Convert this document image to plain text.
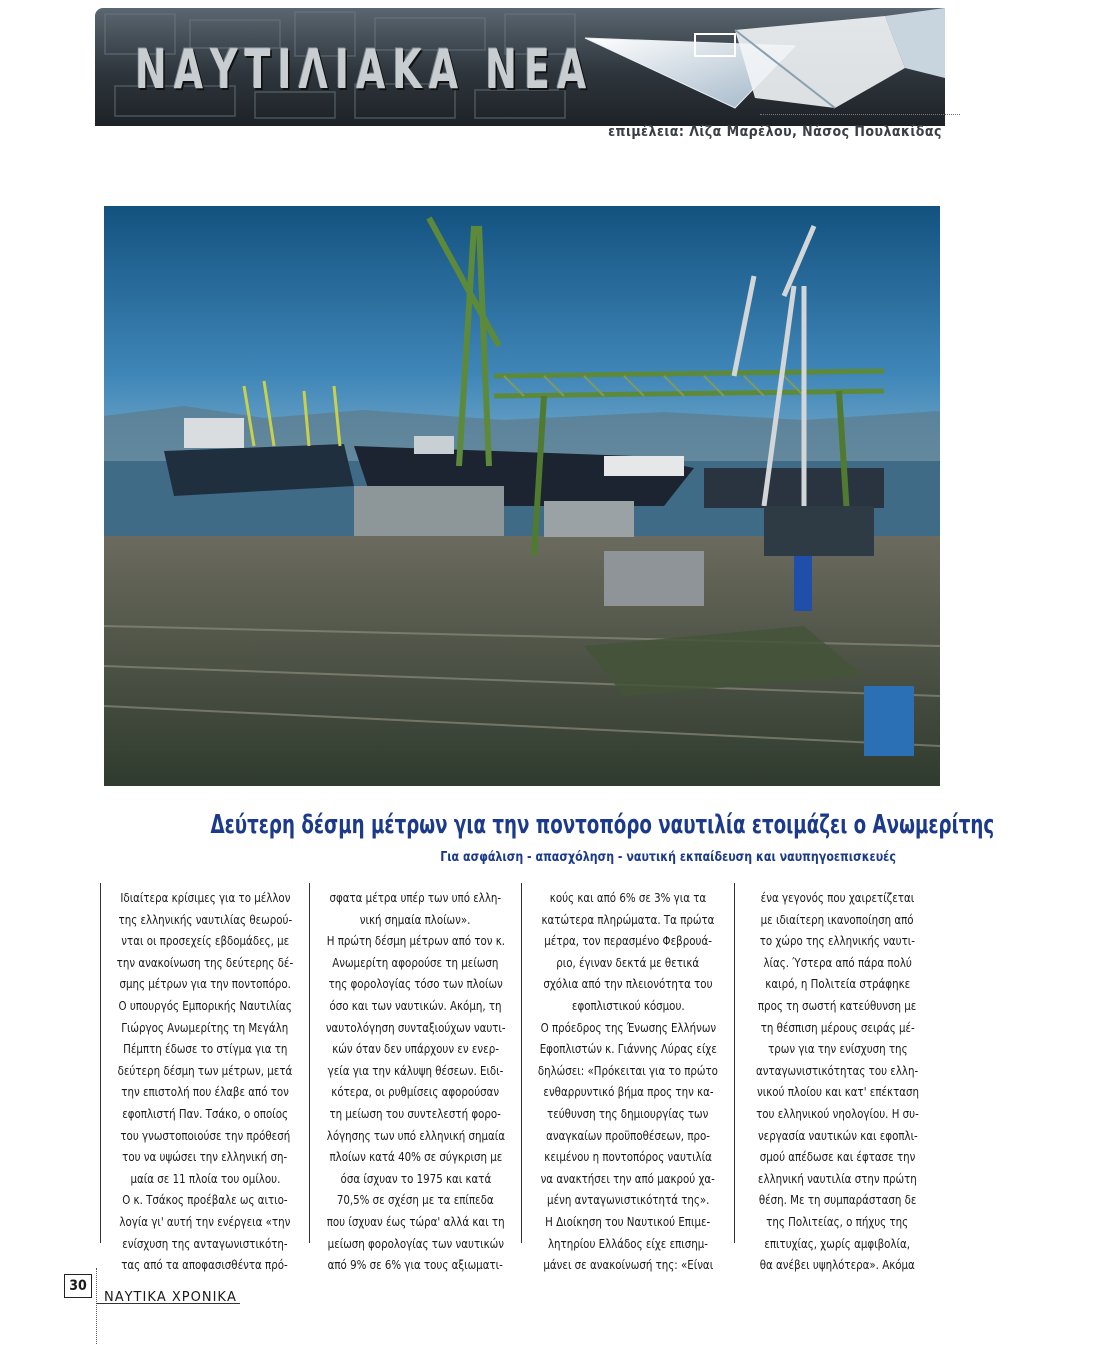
ΝΑΥΤΙΛΙΑΚΑ ΝΕΑ
επιμέλεια: Λίζα Μαρέλου, Νάσος Πουλακίδας
Δεύτερη δέσμη μέτρων για την ποντοπόρο ναυτιλία ετοιμάζει ο Ανωμερίτης
Για ασφάλιση - απασχόληση - ναυτική εκπαίδευση και ναυπηγοεπισκευές
Ιδιαίτερα κρίσιμες για το μέλλον
της ελληνικής ναυτιλίας θεωρού-
νται οι προσεχείς εβδομάδες, με
την ανακοίνωση της δεύτερης δέ-
σμης μέτρων για την ποντοπόρο.
Ο υπουργός Εμπορικής Ναυτιλίας
Γιώργος Ανωμερίτης τη Μεγάλη
Πέμπτη έδωσε το στίγμα για τη
δεύτερη δέσμη των μέτρων, μετά
την επιστολή που έλαβε από τον
εφοπλιστή Παν. Τσάκο, ο οποίος
του γνωστοποιούσε την πρόθεσή
του να υψώσει την ελληνική ση-
μαία σε 11 πλοία του ομίλου.
Ο κ. Τσάκος προέβαλε ως αιτιο-
λογία γι' αυτή την ενέργεια «την
ενίσχυση της ανταγωνιστικότη-
τας από τα αποφασισθέντα πρό-
σφατα μέτρα υπέρ των υπό ελλη-
νική σημαία πλοίων».
Η πρώτη δέσμη μέτρων από τον κ.
Ανωμερίτη αφορούσε τη μείωση
της φορολογίας τόσο των πλοίων
όσο και των ναυτικών. Ακόμη, τη
ναυτολόγηση συνταξιούχων ναυτι-
κών όταν δεν υπάρχουν εν ενερ-
γεία για την κάλυψη θέσεων. Ειδι-
κότερα, οι ρυθμίσεις αφορούσαν
τη μείωση του συντελεστή φορο-
λόγησης των υπό ελληνική σημαία
πλοίων κατά 40% σε σύγκριση με
όσα ίσχυαν το 1975 και κατά
70,5% σε σχέση με τα επίπεδα
που ίσχυαν έως τώρα' αλλά και τη
μείωση φορολογίας των ναυτικών
από 9% σε 6% για τους αξιωματι-
κούς και από 6% σε 3% για τα
κατώτερα πληρώματα. Τα πρώτα
μέτρα, τον περασμένο Φεβρουά-
ριο, έγιναν δεκτά με θετικά
σχόλια από την πλειονότητα του
εφοπλιστικού κόσμου.
Ο πρόεδρος της Ένωσης Ελλήνων
Εφοπλιστών κ. Γιάννης Λύρας είχε
δηλώσει: «Πρόκειται για το πρώτο
ενθαρρυντικό βήμα προς την κα-
τεύθυνση της δημιουργίας των
αναγκαίων προϋποθέσεων, προ-
κειμένου η ποντοπόρος ναυτιλία
να ανακτήσει την από μακρού χα-
μένη ανταγωνιστικότητά της».
Η Διοίκηση του Ναυτικού Επιμε-
λητηρίου Ελλάδος είχε επισημ-
μάνει σε ανακοίνωσή της: «Είναι
ένα γεγονός που χαιρετίζεται
με ιδιαίτερη ικανοποίηση από
το χώρο της ελληνικής ναυτι-
λίας. Ύστερα από πάρα πολύ
καιρό, η Πολιτεία στράφηκε
προς τη σωστή κατεύθυνση με
τη θέσπιση μέρους σειράς μέ-
τρων για την ενίσχυση της
ανταγωνιστικότητας του ελλη-
νικού πλοίου και κατ' επέκταση
του ελληνικού νηολογίου. Η συ-
νεργασία ναυτικών και εφοπλι-
σμού απέδωσε και έφτασε την
ελληνική ναυτιλία στην πρώτη
θέση. Με τη συμπαράσταση δε
της Πολιτείας, ο πήχυς της
επιτυχίας, χωρίς αμφιβολία,
θα ανέβει υψηλότερα». Ακόμα
30
ΝΑΥΤΙΚΑ ΧΡΟΝΙΚΑ
